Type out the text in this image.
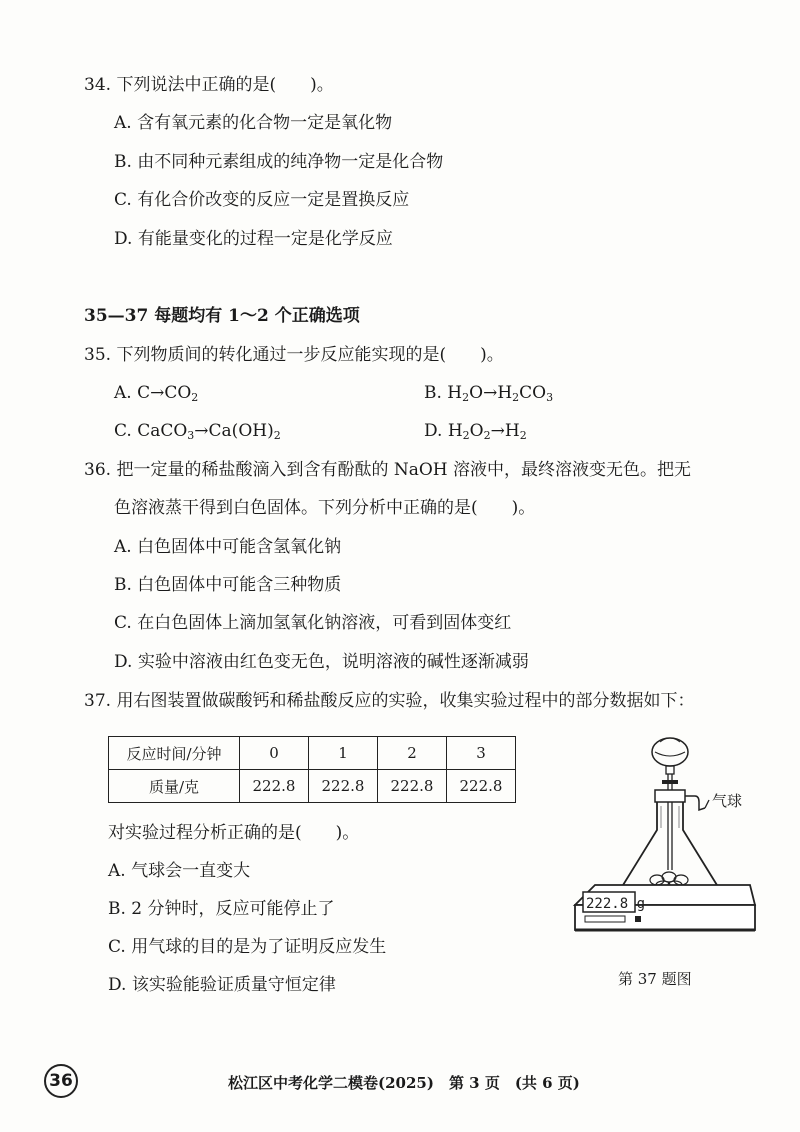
34. 下列说法中正确的是(　　)。
A. 含有氧元素的化合物一定是氧化物
B. 由不同种元素组成的纯净物一定是化合物
C. 有化合价改变的反应一定是置换反应
D. 有能量变化的过程一定是化学反应
35—37 每题均有 1～2 个正确选项
35. 下列物质间的转化通过一步反应能实现的是(　　)。
A. $C\to CO_2$	B. $H_2O\to H_2CO_3$
C. $CaCO_3\to Ca(OH)_2$	D. $H_2O_2\to H_2$
36. 把一定量的稀盐酸滴入到含有酚酞的 NaOH 溶液中，最终溶液变无色。把无
色溶液蒸干得到白色固体。下列分析中正确的是(　　)。
A. 白色固体中可能含氢氧化钠
B. 白色固体中可能含三种物质
C. 在白色固体上滴加氢氧化钠溶液，可看到固体变红
D. 实验中溶液由红色变无色，说明溶液的碱性逐渐减弱
37. 用右图装置做碳酸钙和稀盐酸反应的实验，收集实验过程中的部分数据如下：
反应时间/分钟	0	1	2	3
质量/克	222.8	222.8	222.8	222.8
对实验过程分析正确的是(　　)。
A. 气球会一直变大
B. 2 分钟时，反应可能停止了
C. 用气球的目的是为了证明反应发生
D. 该实验能验证质量守恒定律
222.8 g
气球
第 37 题图
36	松江区中考化学二模卷(2025)　第 3 页　(共 6 页)
